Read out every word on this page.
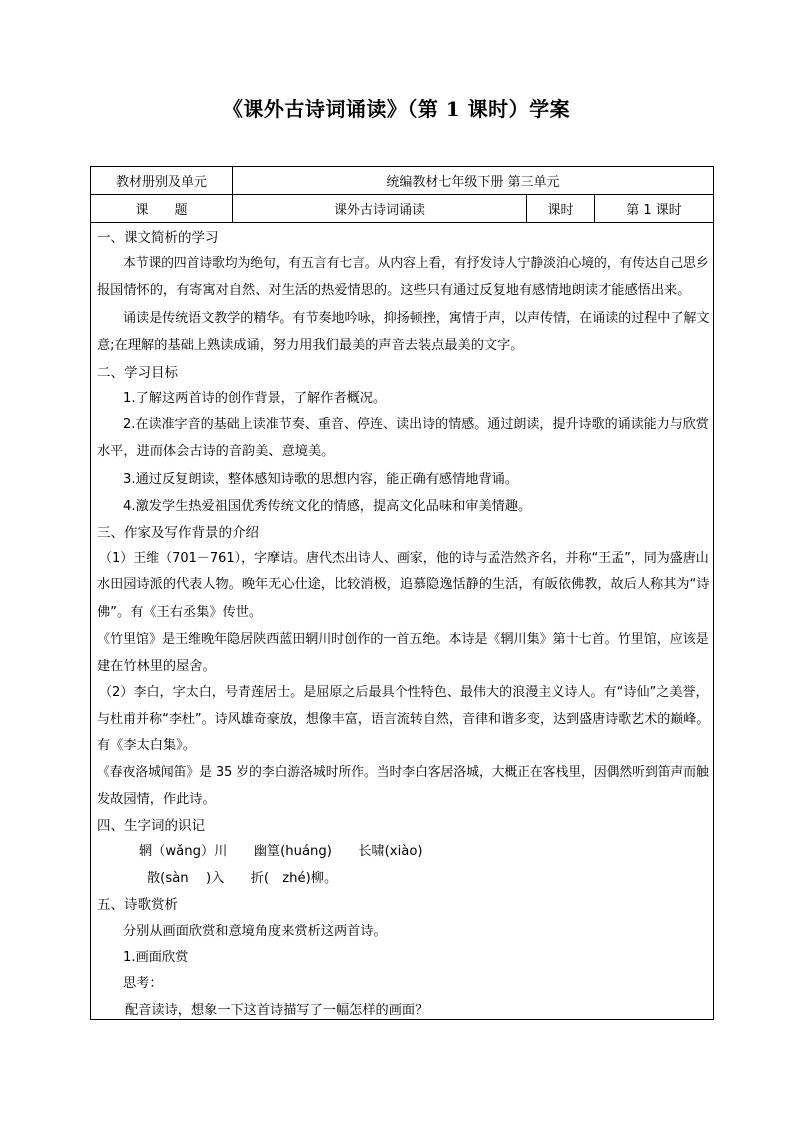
《课外古诗词诵读》（第 1 课时）学案
教材册别及单元	统编教材七年级下册 第三单元
课　　题	课外古诗词诵读	课时	第 1 课时
一、课文简析的学习
本节课的四首诗歌均为绝句，有五言有七言。从内容上看，有抒发诗人宁静淡泊心境的，有传达自己思乡
报国情怀的，有寄寓对自然、对生活的热爱情思的。这些只有通过反复地有感情地朗读才能感悟出来。
诵读是传统语文教学的精华。有节奏地吟咏，抑扬顿挫，寓情于声，以声传情，在诵读的过程中了解文
意;在理解的基础上熟读成诵，努力用我们最美的声音去装点最美的文字。
二、学习目标
1.了解这两首诗的创作背景，了解作者概况。
2.在读准字音的基础上读准节奏、重音、停连、读出诗的情感。通过朗读，提升诗歌的诵读能力与欣赏
水平，进而体会古诗的音韵美、意境美。
3.通过反复朗读，整体感知诗歌的思想内容，能正确有感情地背诵。
4.激发学生热爱祖国优秀传统文化的情感，提高文化品味和审美情趣。
三、作家及写作背景的介绍
（1）王维（701－761），字摩诘。唐代杰出诗人、画家，他的诗与孟浩然齐名，并称“王孟”，同为盛唐山
水田园诗派的代表人物。晚年无心仕途，比较消极，追慕隐逸恬静的生活，有皈依佛教，故后人称其为“诗
佛”。有《王右丞集》传世。
《竹里馆》是王维晚年隐居陕西蓝田辋川时创作的一首五绝。本诗是《辋川集》第十七首。竹里馆，应该是
建在竹林里的屋舍。
（2）李白，字太白，号青莲居士。是屈原之后最具个性特色、最伟大的浪漫主义诗人。有“诗仙”之美誉，
与杜甫并称“李杜”。诗风雄奇豪放，想像丰富，语言流转自然，音律和谐多变，达到盛唐诗歌艺术的巅峰。
有《李太白集》。
《春夜洛城闻笛》是 35 岁的李白游洛城时所作。当时李白客居洛城，大概正在客栈里，因偶然听到笛声而触
发故园情，作此诗。
四、生字词的识记
辋（wǎng）川　　幽篁(huáng)　　长啸(xiào)
散(sàn　 )入　　折(　zhé)柳。
五、诗歌赏析
分别从画面欣赏和意境角度来赏析这两首诗。
1.画面欣赏
思考：
配音读诗，想象一下这首诗描写了一幅怎样的画面？
